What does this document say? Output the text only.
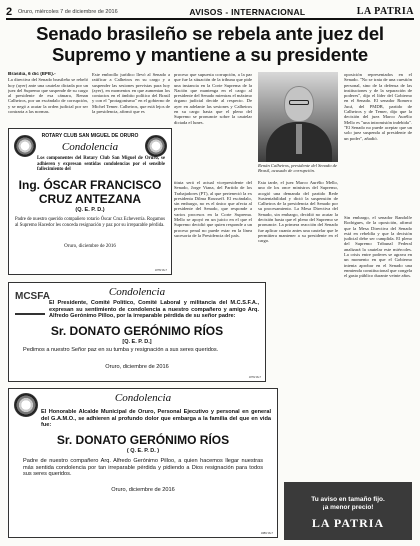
2	Oruro, miércoles 7 de diciembre de 2016	AVISOS - INTERNACIONAL	LA PATRIA
Senado brasileño se rebela ante juez del Supremo y mantiene a su presidente
Brasilia, 6 dic (EFE).-
La directiva del Senado brasileño se rebeló hoy (ayer) ante una cautelar dictada por un juez del Supremo que suspende de su cargo al presidente de esa cámara, Renan Calheiros, por un escándalo de corrupción, y se negó a acatar la orden judicial por ser contraria a las normas.
Este embrollo jurídico llevó al Senado a ratificar a Calheiros en su cargo y a suspender las sesiones previstas para hoy (ayer), en momentos en que aumentan los contactos en el ámbito político del Brasil y con el "protagonismo" en el gobierno de Michel Temer. Calheiros, que está lejos de la presidencia, afirmó que es
proceso que supuesta corrupción, a la par que fue la situación de la tribuna que pide una instancia en la Corte Suprema de la Nación que mantenga en el cargo al presidente del Senado mientras el máximo órgano judicial decide al respecto. De ayer en adelante las sesiones y Calheiros en su cargo hasta que el pleno del Supremo se pronuncie sobre la cautelar dictada el lunes.
Renán Calheiros, presidente del Senado de Brasil, acusado de corrupción.
oposición representados en el Senado. "No se trata de una cuestión personal, sino de la defensa de las instituciones y de la separación de poderes", dijo el líder del Gobierno en el Senado. El senador Romero Jucá, del PMDB, partido de Calheiros y de Temer, dijo que la decisión del juez Marco Aurélio Mello es "una intromisión indebida". "El Senado no puede aceptar que un solo juez suspenda al presidente de un poder", añadió.
tituta será el actual vicepresidente del Senado, Jorge Viana, del Partido de los Trabajadores (PT), al que perteneció la ex presidenta Dilma Rousseff. El escándalo, sin embargo, no es el único que afecta al presidente del Senado, que responde a varios procesos en la Corte Suprema. Mello se apoyó en un juicio en el que el Supremo decidió que quien responde a un proceso penal no puede estar en la línea sucesoria de la Presidencia del país.
Esta tarde, el juez Marco Aurélio Mello, uno de los once ministros del Supremo, acogió una demanda del partido Rede Sustentabilidad y dictó la suspensión de Calheiros de la presidencia del Senado por su procesamiento. La Mesa Directiva del Senado, sin embargo, decidió no acatar la decisión hasta que el pleno del Supremo se pronuncie. La primera reacción del Senado fue aplicar cuanto antes una cautelar que le permitiera mantener a su presidente en el cargo.
Sin embargo, el senador Randolfe Rodrigues, de la oposición, afirmó que la Mesa Directiva del Senado está en rebeldía y que la decisión judicial debe ser cumplida. El pleno del Supremo Tribunal Federal analizará la cautelar este miércoles. La crisis entre poderes se agrava en un momento en que el Gobierno intenta aprobar en el Senado una enmienda constitucional que congela el gasto público durante veinte años.
ROTARY CLUB SAN MIGUEL DE ORURO
Condolencia
Los componentes del Rotary Club San Miguel de Oruro, se adhieren y expresan sentidas condolencias por el sensible fallecimiento del
Ing. ÓSCAR FRANCISCO CRUZ ANTEZANA
(Q. E. P. D.)
Padre de nuestro querido compañero rotario Óscar Cruz Echeverría. Rogamos al Supremo Hacedor les conceda resignación y paz por su irreparable pérdida.
Oruro, diciembre de 2016
1078/16-7
MCSFA	Condolencia
El Presidente, Comité Político, Comité Laboral y militancia del M.C.S.F.A., expresan su sentimiento de condolencia a nuestro compañero y amigo Arq. Alfredo Gerónimo Pilloo, por la irreparable pérdida de su señor padre:
Sr. DONATO GERÓNIMO RÍOS
[Q. E. P. D.]
Pedimos a nuestro Señor paz en su tumba y resignación a sus seres queridos.
Oruro, diciembre de 2016
1079/16-7
Condolencia
El Honorable Alcalde Municipal de Oruro, Personal Ejecutivo y personal en general del G.A.M.O., se adhieren al profundo dolor que embarga a la familia del que en vida fue:
Sr. DONATO GERÓNIMO RÍOS
( Q. E. P. D. )
Padre de nuestro compañero Arq. Alfredo Gerónimo Pilloo, a quien hacemos llegar nuestras más sentida condolencia por tan irreparable pérdida y pidiendo a Dios resignación para todos sus seres queridos.
Oruro, diciembre de 2016
1080/16-7
Tu aviso en tamaño fijo.
¡a menor precio!
LA PATRIA
